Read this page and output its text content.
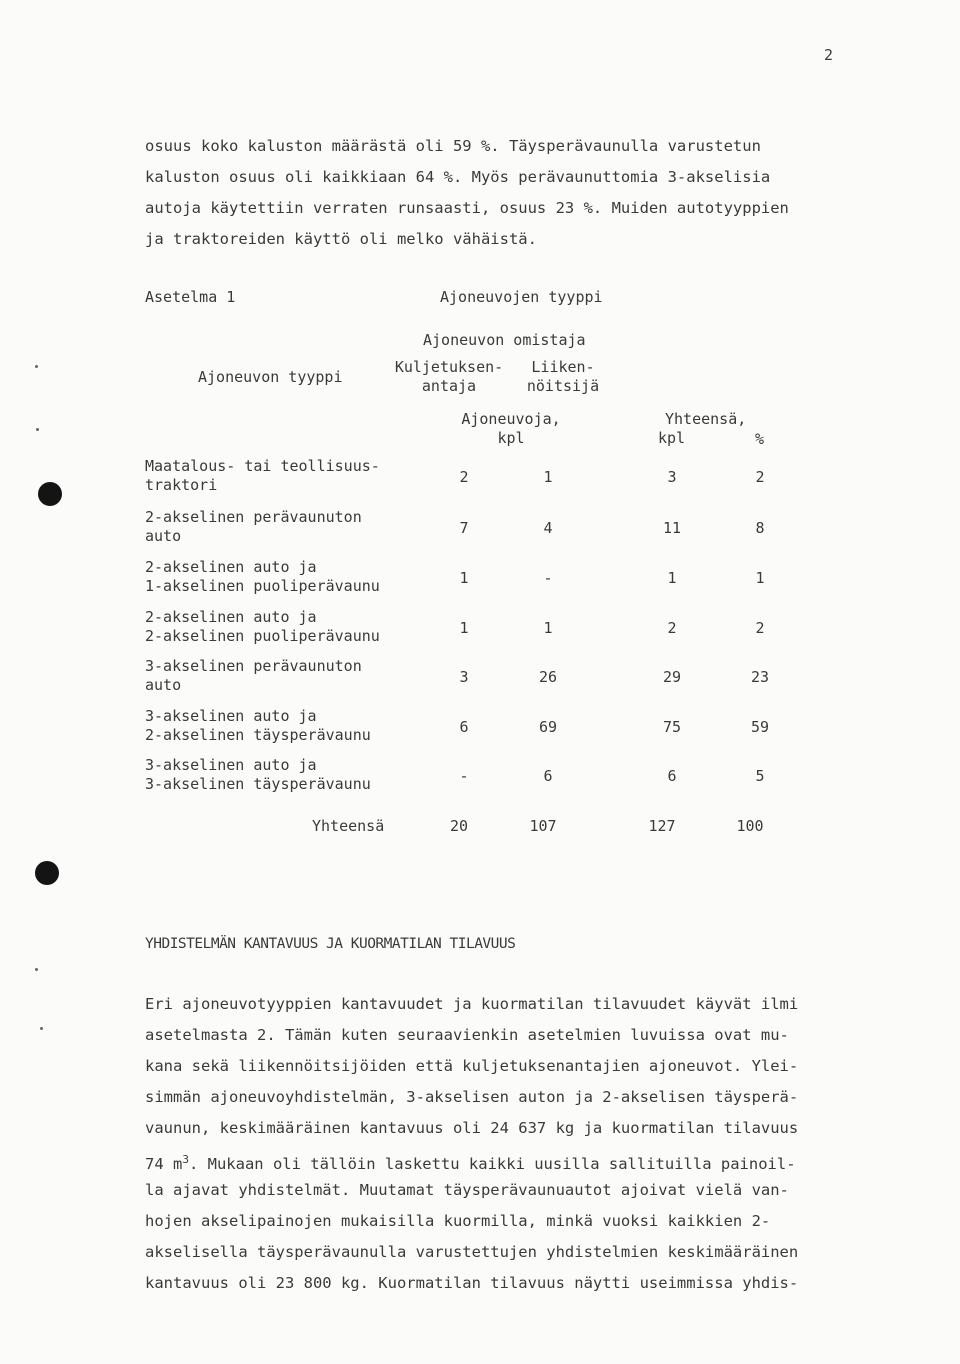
2
osuus koko kaluston määrästä oli 59 %. Täysperävaunulla varustetun
kaluston osuus oli kaikkiaan 64 %. Myös perävaunuttomia 3-akselisia
autoja käytettiin verraten runsaasti, osuus 23 %. Muiden autotyyppien
ja traktoreiden käyttö oli melko vähäistä.
Asetelma 1	Ajoneuvojen tyyppi
Ajoneuvon omistaja
Ajoneuvon tyyppi
Kuljetuksen-
antaja
Liiken-
nöitsijä
Ajoneuvoja,
kpl
Yhteensä,
kpl	%
Maatalous- tai teollisuus-
traktori	2	1	3	2
2-akselinen perävaunuton
auto	7	4	11	8
2-akselinen auto ja
1-akselinen puoliperävaunu	1	-	1	1
2-akselinen auto ja
2-akselinen puoliperävaunu	1	1	2	2
3-akselinen perävaunuton
auto	3	26	29	23
3-akselinen auto ja
2-akselinen täysperävaunu	6	69	75	59
3-akselinen auto ja
3-akselinen täysperävaunu	-	6	6	5
Yhteensä	20	107	127	100
YHDISTELMÄN KANTAVUUS JA KUORMATILAN TILAVUUS
Eri ajoneuvotyyppien kantavuudet ja kuormatilan tilavuudet käyvät ilmi
asetelmasta 2. Tämän kuten seuraavienkin asetelmien luvuissa ovat mu-
kana sekä liikennöitsijöiden että kuljetuksenantajien ajoneuvot. Ylei-
simmän ajoneuvoyhdistelmän, 3-akselisen auton ja 2-akselisen täysperä-
vaunun, keskimääräinen kantavuus oli 24 637 kg ja kuormatilan tilavuus
74 $m^3$. Mukaan oli tällöin laskettu kaikki uusilla sallituilla painoil-
la ajavat yhdistelmät. Muutamat täysperävaunuautot ajoivat vielä van-
hojen akselipainojen mukaisilla kuormilla, minkä vuoksi kaikkien 2-
akselisella täysperävaunulla varustettujen yhdistelmien keskimääräinen
kantavuus oli 23 800 kg. Kuormatilan tilavuus näytti useimmissa yhdis-
